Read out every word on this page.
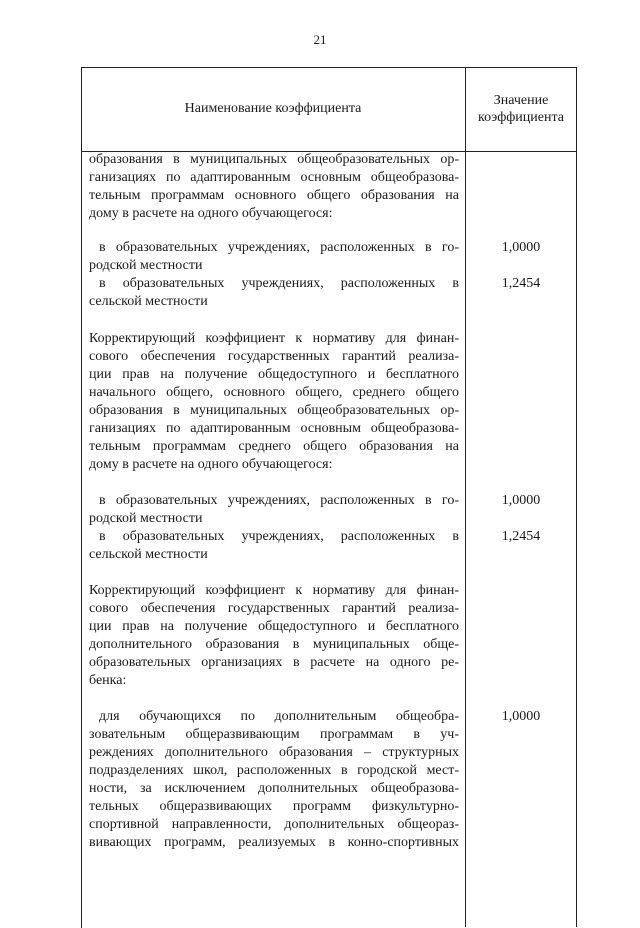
21
Наименование коэффициента
Значение
коэффициента
образования в муниципальных общеобразовательных ор-
ганизациях по адаптированным основным общеобразова-
тельным программам основного общего образования на
дому в расчете на одного обучающегося:
в образовательных учреждениях, расположенных в го-
родской местности
1,0000
в образовательных учреждениях, расположенных в
сельской местности
1,2454
Корректирующий коэффициент к нормативу для финан-
сового обеспечения государственных гарантий реализа-
ции прав на получение общедоступного и бесплатного
начального общего, основного общего, среднего общего
образования в муниципальных общеобразовательных ор-
ганизациях по адаптированным основным общеобразова-
тельным программам среднего общего образования на
дому в расчете на одного обучающегося:
в образовательных учреждениях, расположенных в го-
родской местности
1,0000
в образовательных учреждениях, расположенных в
сельской местности
1,2454
Корректирующий коэффициент к нормативу для финан-
сового обеспечения государственных гарантий реализа-
ции прав на получение общедоступного и бесплатного
дополнительного образования в муниципальных обще-
образовательных организациях в расчете на одного ре-
бенка:
для обучающихся по дополнительным общеобра-
зовательным общеразвивающим программам в уч-
реждениях дополнительного образования – структурных
подразделениях школ, расположенных в городской мест-
ности, за исключением дополнительных общеобразова-
тельных общеразвивающих программ физкультурно-
спортивной направленности, дополнительных общеораз-
вивающих программ, реализуемых в конно-спортивных
1,0000
